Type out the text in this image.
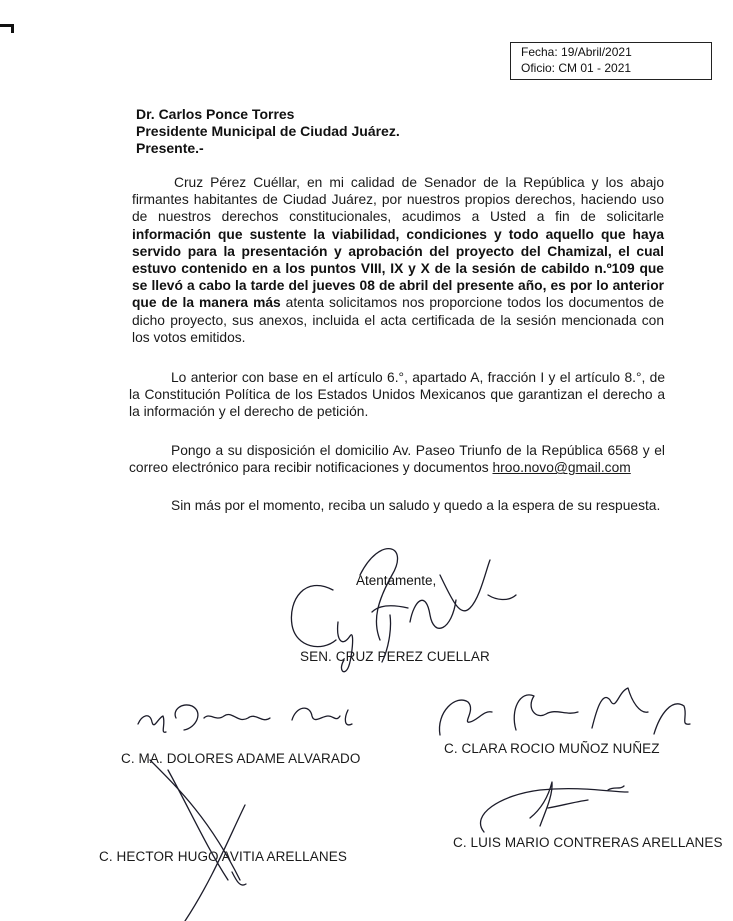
Fecha: 19/Abril/2021
Oficio: CM 01 - 2021
Dr. Carlos Ponce Torres
Presidente Municipal de Ciudad Juárez.
Presente.-
Cruz Pérez Cuéllar, en mi calidad de Senador de la República y los abajo firmantes habitantes de Ciudad Juárez, por nuestros propios derechos, haciendo uso de nuestros derechos constitucionales, acudimos a Usted a fin de solicitarle información que sustente la viabilidad, condiciones y todo aquello que haya servido para la presentación y aprobación del proyecto del Chamizal, el cual estuvo contenido en a los puntos VIII, IX y X de la sesión de cabildo n.º109 que se llevó a cabo la tarde del jueves 08 de abril del presente año, es por lo anterior que de la manera más atenta solicitamos nos proporcione todos los documentos de dicho proyecto, sus anexos, incluida el acta certificada de la sesión mencionada con los votos emitidos.
Lo anterior con base en el artículo 6.°, apartado A, fracción I y el artículo 8.°, de la Constitución Política de los Estados Unidos Mexicanos que garantizan el derecho a la información y el derecho de petición.
Pongo a su disposición el domicilio Av. Paseo Triunfo de la República 6568 y el correo electrónico para recibir notificaciones y documentos hroo.novo@gmail.com
Sin más por el momento, reciba un saludo y quedo a la espera de su respuesta.
Atentamente,
SEN. CRUZ PEREZ CUELLAR
C. MA. DOLORES ADAME ALVARADO
C. CLARA ROCIO MUÑOZ NUÑEZ
C. LUIS MARIO CONTRERAS ARELLANES
C. HECTOR HUGO AVITIA ARELLANES
